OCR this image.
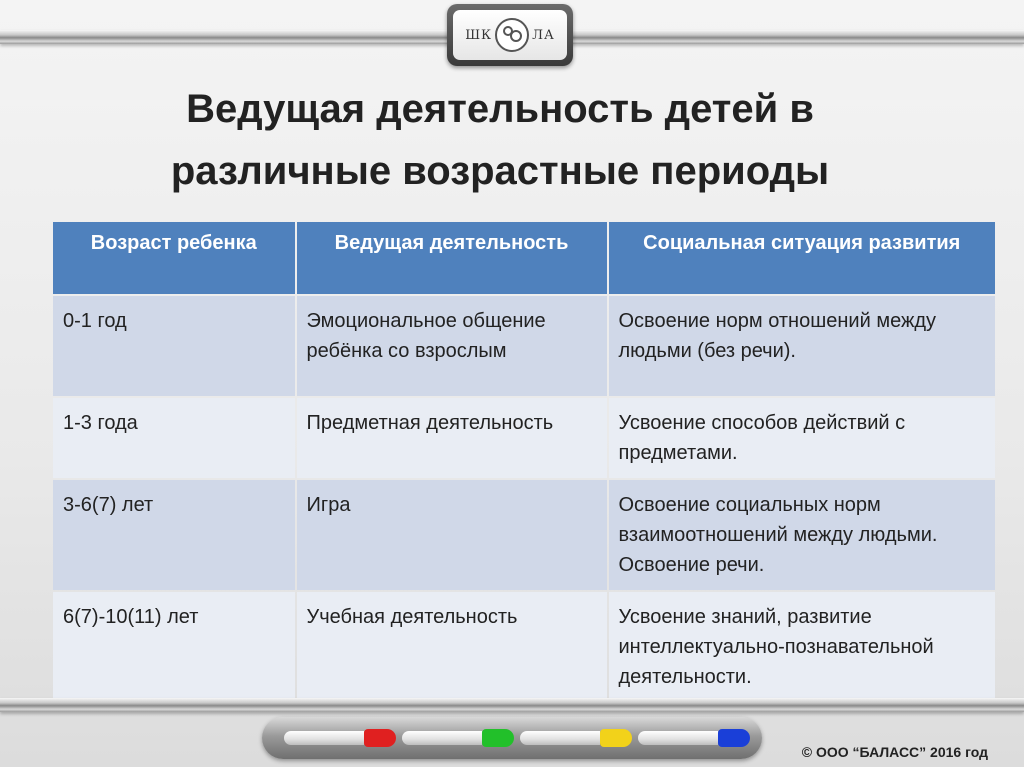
ШК	ЛА
Ведущая деятельность детей в
различные возрастные периоды
Возраст ребенка	Ведущая деятельность	Социальная ситуация развития
0-1 год	Эмоциональное общение ребёнка со взрослым	Освоение норм отношений между людьми (без речи).
1-3 года	Предметная деятельность	Усвоение способов действий с предметами.
3-6(7) лет	Игра	Освоение социальных норм взаимоотношений между людьми. Освоение речи.
6(7)-10(11) лет	Учебная деятельность	Усвоение знаний, развитие интеллектуально-познавательной деятельности.
© ООО “БАЛАСС” 2016 год
